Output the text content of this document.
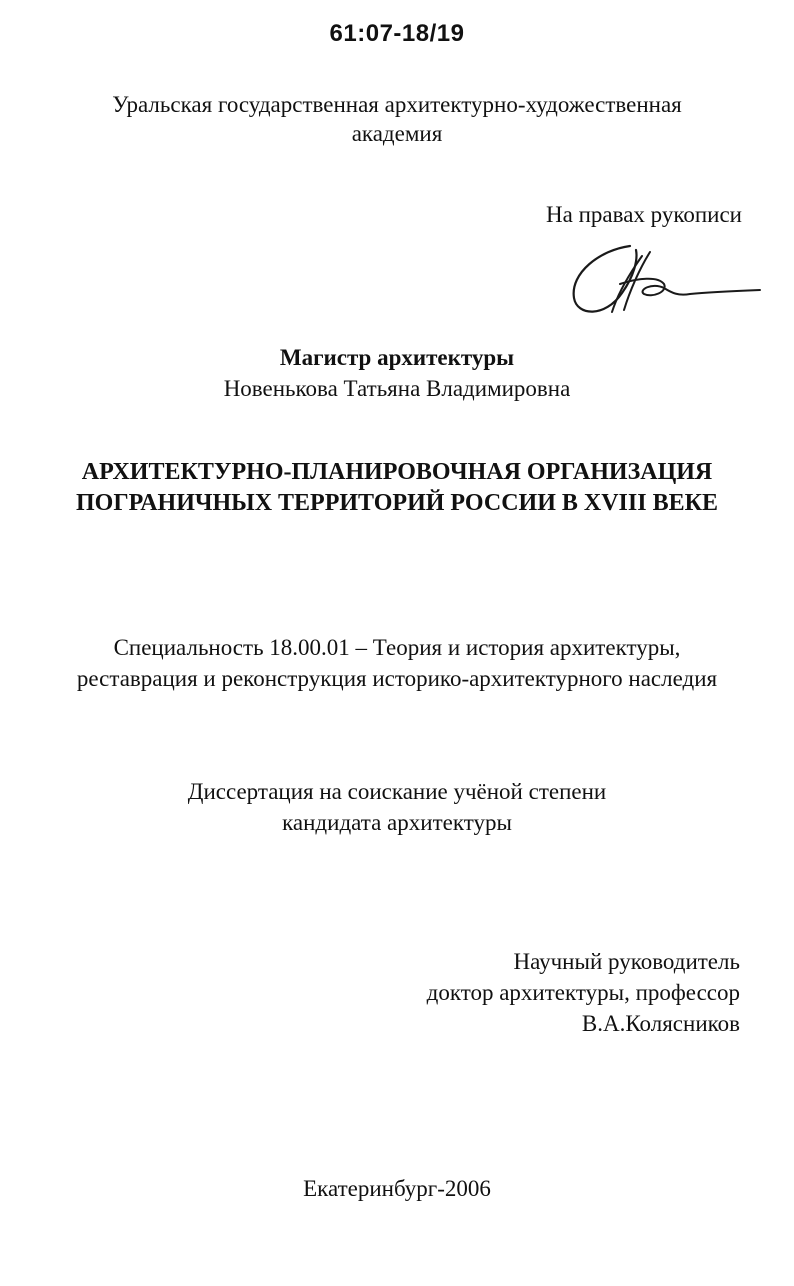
61:07-18/19
Уральская государственная архитектурно-художественная
академия
На правах рукописи
Магистр архитектуры
Новенькова Татьяна Владимировна
АРХИТЕКТУРНО-ПЛАНИРОВОЧНАЯ ОРГАНИЗАЦИЯ
ПОГРАНИЧНЫХ ТЕРРИТОРИЙ РОССИИ В XVIII ВЕКЕ
Специальность 18.00.01 – Теория и история архитектуры,
реставрация и реконструкция историко-архитектурного наследия
Диссертация на соискание учёной степени
кандидата архитектуры
Научный руководитель
доктор архитектуры, профессор
В.А.Колясников
Екатеринбург-2006
